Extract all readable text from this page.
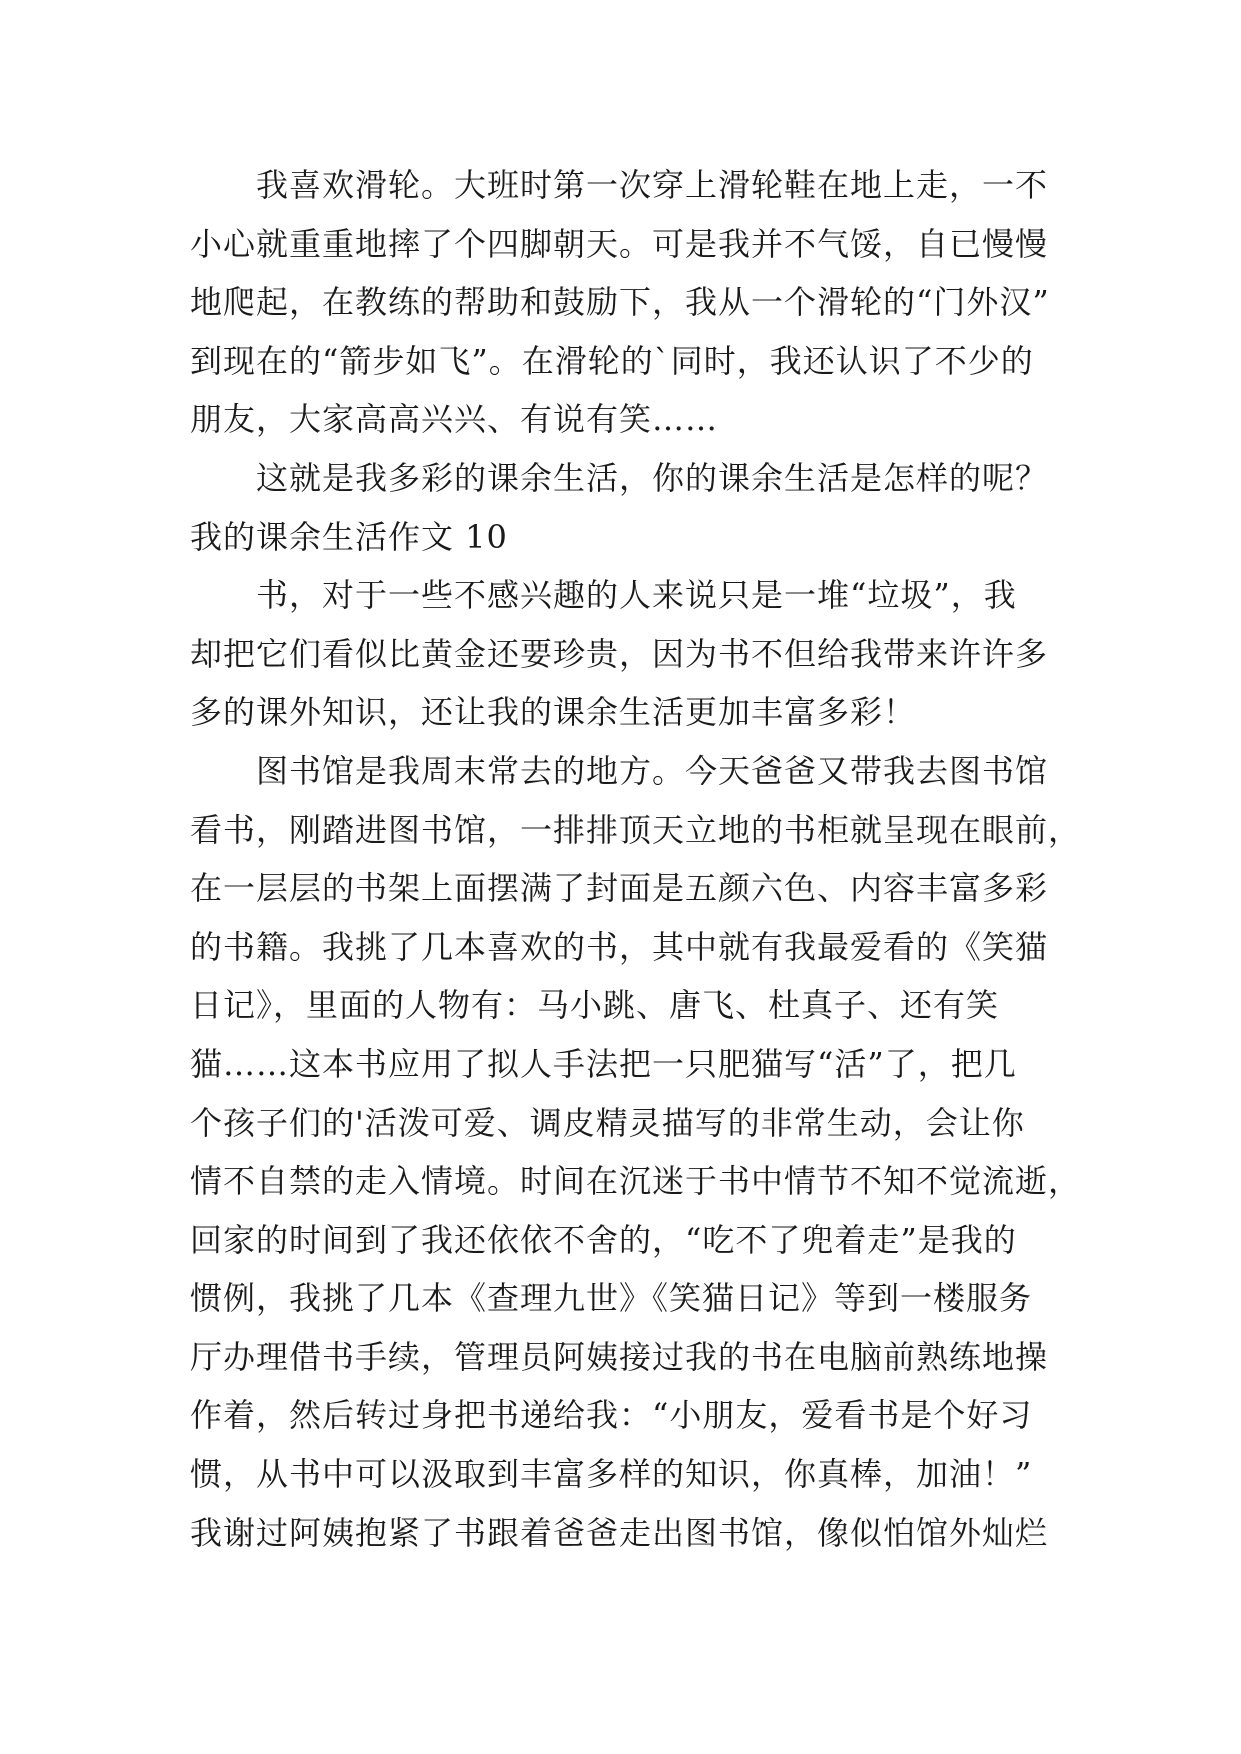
我喜欢滑轮。大班时第一次穿上滑轮鞋在地上走，一不
小心就重重地摔了个四脚朝天。可是我并不气馁，自已慢慢
地爬起，在教练的帮助和鼓励下，我从一个滑轮的“门外汉”
到现在的“箭步如飞”。在滑轮的`同时，我还认识了不少的
朋友，大家高高兴兴、有说有笑……
这就是我多彩的课余生活，你的课余生活是怎样的呢？
我的课余生活作文 10
书，对于一些不感兴趣的人来说只是一堆“垃圾”，我
却把它们看似比黄金还要珍贵，因为书不但给我带来许许多
多的课外知识，还让我的课余生活更加丰富多彩！
图书馆是我周末常去的地方。今天爸爸又带我去图书馆
看书，刚踏进图书馆，一排排顶天立地的书柜就呈现在眼前，
在一层层的书架上面摆满了封面是五颜六色、内容丰富多彩
的书籍。我挑了几本喜欢的书，其中就有我最爱看的《笑猫
日记》，里面的人物有：马小跳、唐飞、杜真子、还有笑
猫……这本书应用了拟人手法把一只肥猫写“活”了，把几
个孩子们的'活泼可爱、调皮精灵描写的非常生动，会让你
情不自禁的走入情境。时间在沉迷于书中情节不知不觉流逝，
回家的时间到了我还依依不舍的，“吃不了兜着走”是我的
惯例，我挑了几本《查理九世》《笑猫日记》等到一楼服务
厅办理借书手续，管理员阿姨接过我的书在电脑前熟练地操
作着，然后转过身把书递给我：“小朋友，爱看书是个好习
惯，从书中可以汲取到丰富多样的知识，你真棒，加油！”
我谢过阿姨抱紧了书跟着爸爸走出图书馆，像似怕馆外灿烂
